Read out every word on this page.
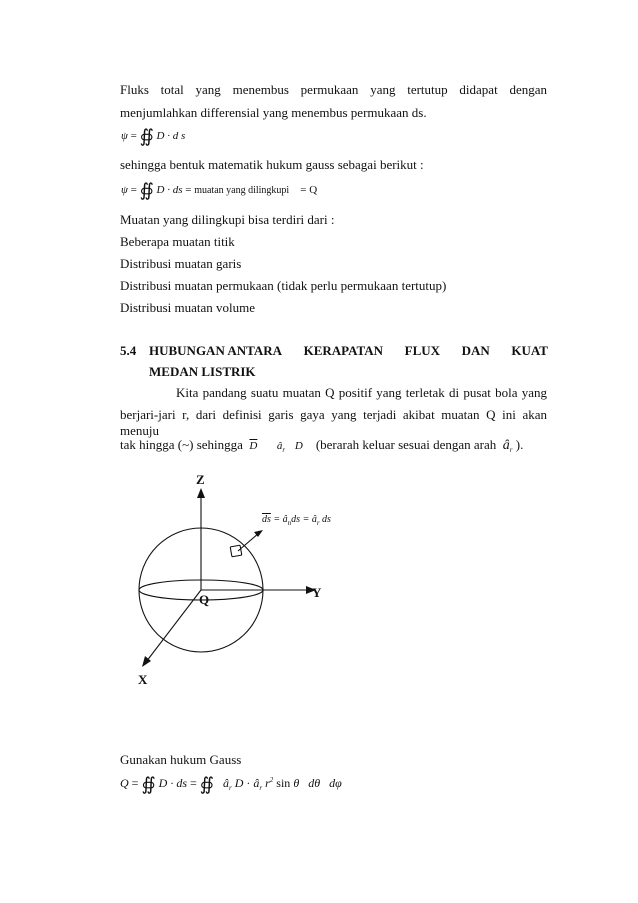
Fluks total yang menembus permukaan yang tertutup didapat dengan
menjumlahkan differensial yang menembus permukaan ds.
ψ = ∯ D · d s
sehingga bentuk matematik hukum gauss sebagai berikut :
ψ = ∯ D · ds = muatan yang dilingkupi = Q
Muatan yang dilingkupi bisa terdiri dari :
Beberapa muatan titik
Distribusi muatan garis
Distribusi muatan permukaan (tidak perlu permukaan tertutup)
Distribusi muatan volume
5.4 HUBUNGAN ANTARA KERAPATAN FLUX DAN KUAT
MEDAN LISTRIK
Kita pandang suatu muatan Q positif yang terletak di pusat bola yang
berjari-jari r, dari definisi garis gaya yang terjadi akibat muatan Q ini akan menuju
tak hingga (~) sehingga $\overline{D}$ $â_r$ D (berarah keluar sesuai dengan arah $â_r$ ).
Z
Y
X
Q
$\overline{ds}$ = $â_nds$ = $â_r$ ds
Gunakan hukum Gauss
Q = ∯ D · ds = ∯ $â_r$ $D \cdot â_r$ $r^2$ sin θ dθ dφ
